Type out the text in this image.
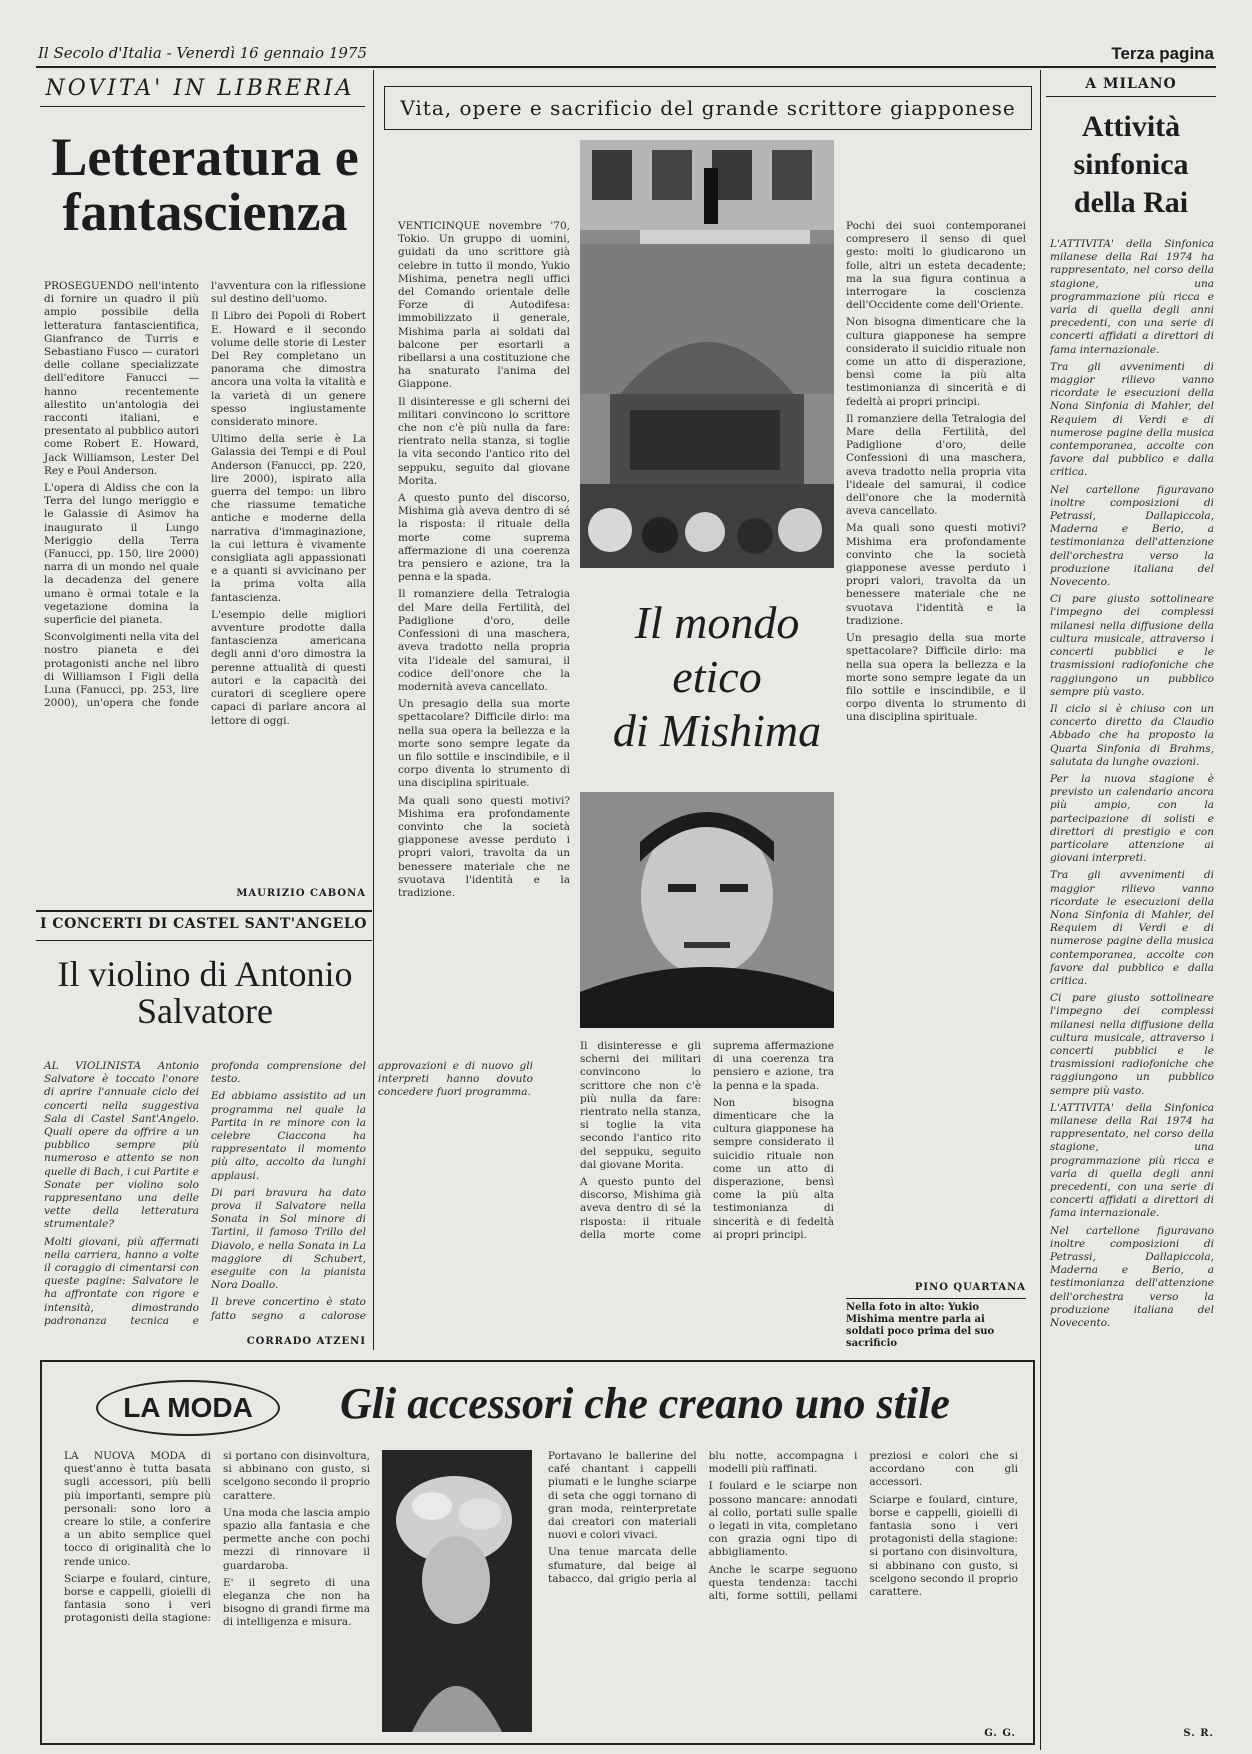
Il Secolo d'Italia - Venerdì 16 gennaio 1975	Terza pagina
NOVITA' IN LIBRERIA
Letteratura e fantascienza

PROSEGUENDO nell'intento di fornire un quadro il più ampio possibile della letteratura fantascientifica, Gianfranco de Turris e Sebastiano Fusco — curatori delle collane specializzate dell'editore Fanucci — hanno recentemente allestito un'antologia dei racconti italiani, e presentato al pubblico autori come Robert E. Howard, Jack Williamson, Lester Del Rey e Poul Anderson.

L'opera di Aldiss che con la Terra del lungo meriggio e le Galassie di Asimov ha inaugurato il Lungo Meriggio della Terra (Fanucci, pp. 150, lire 2000) narra di un mondo nel quale la decadenza del genere umano è ormai totale e la vegetazione domina la superficie del pianeta.

Sconvolgimenti nella vita del nostro pianeta e dei protagonisti anche nel libro di Williamson I Figli della Luna (Fanucci, pp. 253, lire 2000), un'opera che fonde l'avventura con la riflessione sul destino dell'uomo.

Il Libro dei Popoli di Robert E. Howard e il secondo volume delle storie di Lester Del Rey completano un panorama che dimostra ancora una volta la vitalità e la varietà di un genere spesso ingiustamente considerato minore.

Ultimo della serie è La Galassia dei Tempi e di Poul Anderson (Fanucci, pp. 220, lire 2000), ispirato alla guerra del tempo: un libro che riassume tematiche antiche e moderne della narrativa d'immaginazione, la cui lettura è vivamente consigliata agli appassionati e a quanti si avvicinano per la prima volta alla fantascienza.

L'esempio delle migliori avventure prodotte dalla fantascienza americana degli anni d'oro dimostra la perenne attualità di questi autori e la capacità dei curatori di scegliere opere capaci di parlare ancora al lettore di oggi.

MAURIZIO CABONA
I CONCERTI DI CASTEL SANT'ANGELO
Il violino di Antonio Salvatore

AL VIOLINISTA Antonio Salvatore è toccato l'onore di aprire l'annuale ciclo dei concerti nella suggestiva Sala di Castel Sant'Angelo. Quali opere da offrire a un pubblico sempre più numeroso e attento se non quelle di Bach, i cui Partite e Sonate per violino solo rappresentano una delle vette della letteratura strumentale?

Molti giovani, più affermati nella carriera, hanno a volte il coraggio di cimentarsi con queste pagine: Salvatore le ha affrontate con rigore e intensità, dimostrando padronanza tecnica e profonda comprensione del testo.

Ed abbiamo assistito ad un programma nel quale la Partita in re minore con la celebre Ciaccona ha rappresentato il momento più alto, accolto da lunghi applausi.

Di pari bravura ha dato prova il Salvatore nella Sonata in Sol minore di Tartini, il famoso Trillo del Diavolo, e nella Sonata in La maggiore di Schubert, eseguite con la pianista Nora Doallo.

Il breve concertino è stato fatto segno a calorose approvazioni e di nuovo gli interpreti hanno dovuto concedere fuori programma.

CORRADO ATZENI
Vita, opere e sacrificio del grande scrittore giapponese
Il mondo
etico
di Mishima

VENTICINQUE novembre '70, Tokio. Un gruppo di uomini, guidati da uno scrittore già celebre in tutto il mondo, Yukio Mishima, penetra negli uffici del Comando orientale delle Forze di Autodifesa: immobilizzato il generale, Mishima parla ai soldati dal balcone per esortarli a ribellarsi a una costituzione che ha snaturato l'anima del Giappone.

Il disinteresse e gli scherni dei militari convincono lo scrittore che non c'è più nulla da fare: rientrato nella stanza, si toglie la vita secondo l'antico rito del seppuku, seguito dal giovane Morita.

A questo punto del discorso, Mishima già aveva dentro di sé la risposta: il rituale della morte come suprema affermazione di una coerenza tra pensiero e azione, tra la penna e la spada.

Il romanziere della Tetralogia del Mare della Fertilità, del Padiglione d'oro, delle Confessioni di una maschera, aveva tradotto nella propria vita l'ideale del samurai, il codice dell'onore che la modernità aveva cancellato.

Un presagio della sua morte spettacolare? Difficile dirlo: ma nella sua opera la bellezza e la morte sono sempre legate da un filo sottile e inscindibile, e il corpo diventa lo strumento di una disciplina spirituale.

Ma quali sono questi motivi? Mishima era profondamente convinto che la società giapponese avesse perduto i propri valori, travolta da un benessere materiale che ne svuotava l'identità e la tradizione.

Pochi dei suoi contemporanei compresero il senso di quel gesto: molti lo giudicarono un folle, altri un esteta decadente; ma la sua figura continua a interrogare la coscienza dell'Occidente come dell'Oriente.

Non bisogna dimenticare che la cultura giapponese ha sempre considerato il suicidio rituale non come un atto di disperazione, bensì come la più alta testimonianza di sincerità e di fedeltà ai propri principi.

Il romanziere della Tetralogia del Mare della Fertilità, del Padiglione d'oro, delle Confessioni di una maschera, aveva tradotto nella propria vita l'ideale del samurai, il codice dell'onore che la modernità aveva cancellato.

Ma quali sono questi motivi? Mishima era profondamente convinto che la società giapponese avesse perduto i propri valori, travolta da un benessere materiale che ne svuotava l'identità e la tradizione.

Un presagio della sua morte spettacolare? Difficile dirlo: ma nella sua opera la bellezza e la morte sono sempre legate da un filo sottile e inscindibile, e il corpo diventa lo strumento di una disciplina spirituale.

Il disinteresse e gli scherni dei militari convincono lo scrittore che non c'è più nulla da fare: rientrato nella stanza, si toglie la vita secondo l'antico rito del seppuku, seguito dal giovane Morita.

A questo punto del discorso, Mishima già aveva dentro di sé la risposta: il rituale della morte come suprema affermazione di una coerenza tra pensiero e azione, tra la penna e la spada.

Non bisogna dimenticare che la cultura giapponese ha sempre considerato il suicidio rituale non come un atto di disperazione, bensì come la più alta testimonianza di sincerità e di fedeltà ai propri principi.

PINO QUARTANA
Nella foto in alto: Yukio Mishima mentre parla ai soldati poco prima del suo sacrificio
A MILANO
Attività sinfonica della Rai

L'ATTIVITA' della Sinfonica milanese della Rai 1974 ha rappresentato, nel corso della stagione, una programmazione più ricca e varia di quella degli anni precedenti, con una serie di concerti affidati a direttori di fama internazionale.

Tra gli avvenimenti di maggior rilievo vanno ricordate le esecuzioni della Nona Sinfonia di Mahler, del Requiem di Verdi e di numerose pagine della musica contemporanea, accolte con favore dal pubblico e dalla critica.

Nel cartellone figuravano inoltre composizioni di Petrassi, Dallapiccola, Maderna e Berio, a testimonianza dell'attenzione dell'orchestra verso la produzione italiana del Novecento.

Ci pare giusto sottolineare l'impegno dei complessi milanesi nella diffusione della cultura musicale, attraverso i concerti pubblici e le trasmissioni radiofoniche che raggiungono un pubblico sempre più vasto.

Il ciclo si è chiuso con un concerto diretto da Claudio Abbado che ha proposto la Quarta Sinfonia di Brahms, salutata da lunghe ovazioni.

Per la nuova stagione è previsto un calendario ancora più ampio, con la partecipazione di solisti e direttori di prestigio e con particolare attenzione ai giovani interpreti.

Tra gli avvenimenti di maggior rilievo vanno ricordate le esecuzioni della Nona Sinfonia di Mahler, del Requiem di Verdi e di numerose pagine della musica contemporanea, accolte con favore dal pubblico e dalla critica.

Ci pare giusto sottolineare l'impegno dei complessi milanesi nella diffusione della cultura musicale, attraverso i concerti pubblici e le trasmissioni radiofoniche che raggiungono un pubblico sempre più vasto.

L'ATTIVITA' della Sinfonica milanese della Rai 1974 ha rappresentato, nel corso della stagione, una programmazione più ricca e varia di quella degli anni precedenti, con una serie di concerti affidati a direttori di fama internazionale.

Nel cartellone figuravano inoltre composizioni di Petrassi, Dallapiccola, Maderna e Berio, a testimonianza dell'attenzione dell'orchestra verso la produzione italiana del Novecento.

S. R.
LA MODA	Gli accessori che creano uno stile

LA NUOVA MODA di quest'anno è tutta basata sugli accessori, più belli più importanti, sempre più personali: sono loro a creare lo stile, a conferire a un abito semplice quel tocco di originalità che lo rende unico.

Sciarpe e foulard, cinture, borse e cappelli, gioielli di fantasia sono i veri protagonisti della stagione: si portano con disinvoltura, si abbinano con gusto, si scelgono secondo il proprio carattere.

Una moda che lascia ampio spazio alla fantasia e che permette anche con pochi mezzi di rinnovare il guardaroba.

E' il segreto di una eleganza che non ha bisogno di grandi firme ma di intelligenza e misura.

Portavano le ballerine del café chantant i cappelli piumati e le lunghe sciarpe di seta che oggi tornano di gran moda, reinterpretate dai creatori con materiali nuovi e colori vivaci.

Una tenue marcata delle sfumature, dal beige al tabacco, dal grigio perla al blu notte, accompagna i modelli più raffinati.

I foulard e le sciarpe non possono mancare: annodati al collo, portati sulle spalle o legati in vita, completano con grazia ogni tipo di abbigliamento.

Anche le scarpe seguono questa tendenza: tacchi alti, forme sottili, pellami preziosi e colori che si accordano con gli accessori.

Sciarpe e foulard, cinture, borse e cappelli, gioielli di fantasia sono i veri protagonisti della stagione: si portano con disinvoltura, si abbinano con gusto, si scelgono secondo il proprio carattere.

G. G.
